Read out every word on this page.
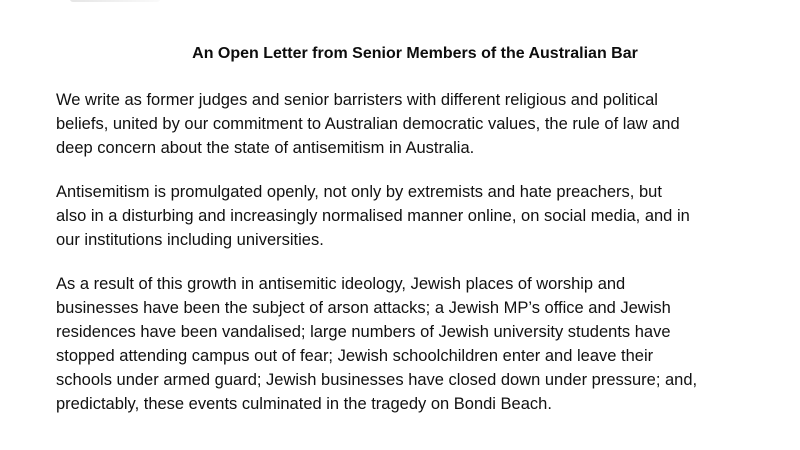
An Open Letter from Senior Members of the Australian Bar

We write as former judges and senior barristers with different religious and political
beliefs, united by our commitment to Australian democratic values, the rule of law and
deep concern about the state of antisemitism in Australia.

Antisemitism is promulgated openly, not only by extremists and hate preachers, but
also in a disturbing and increasingly normalised manner online, on social media, and in
our institutions including universities.

As a result of this growth in antisemitic ideology, Jewish places of worship and
businesses have been the subject of arson attacks; a Jewish MP’s office and Jewish
residences have been vandalised; large numbers of Jewish university students have
stopped attending campus out of fear; Jewish schoolchildren enter and leave their
schools under armed guard; Jewish businesses have closed down under pressure; and,
predictably, these events culminated in the tragedy on Bondi Beach.
